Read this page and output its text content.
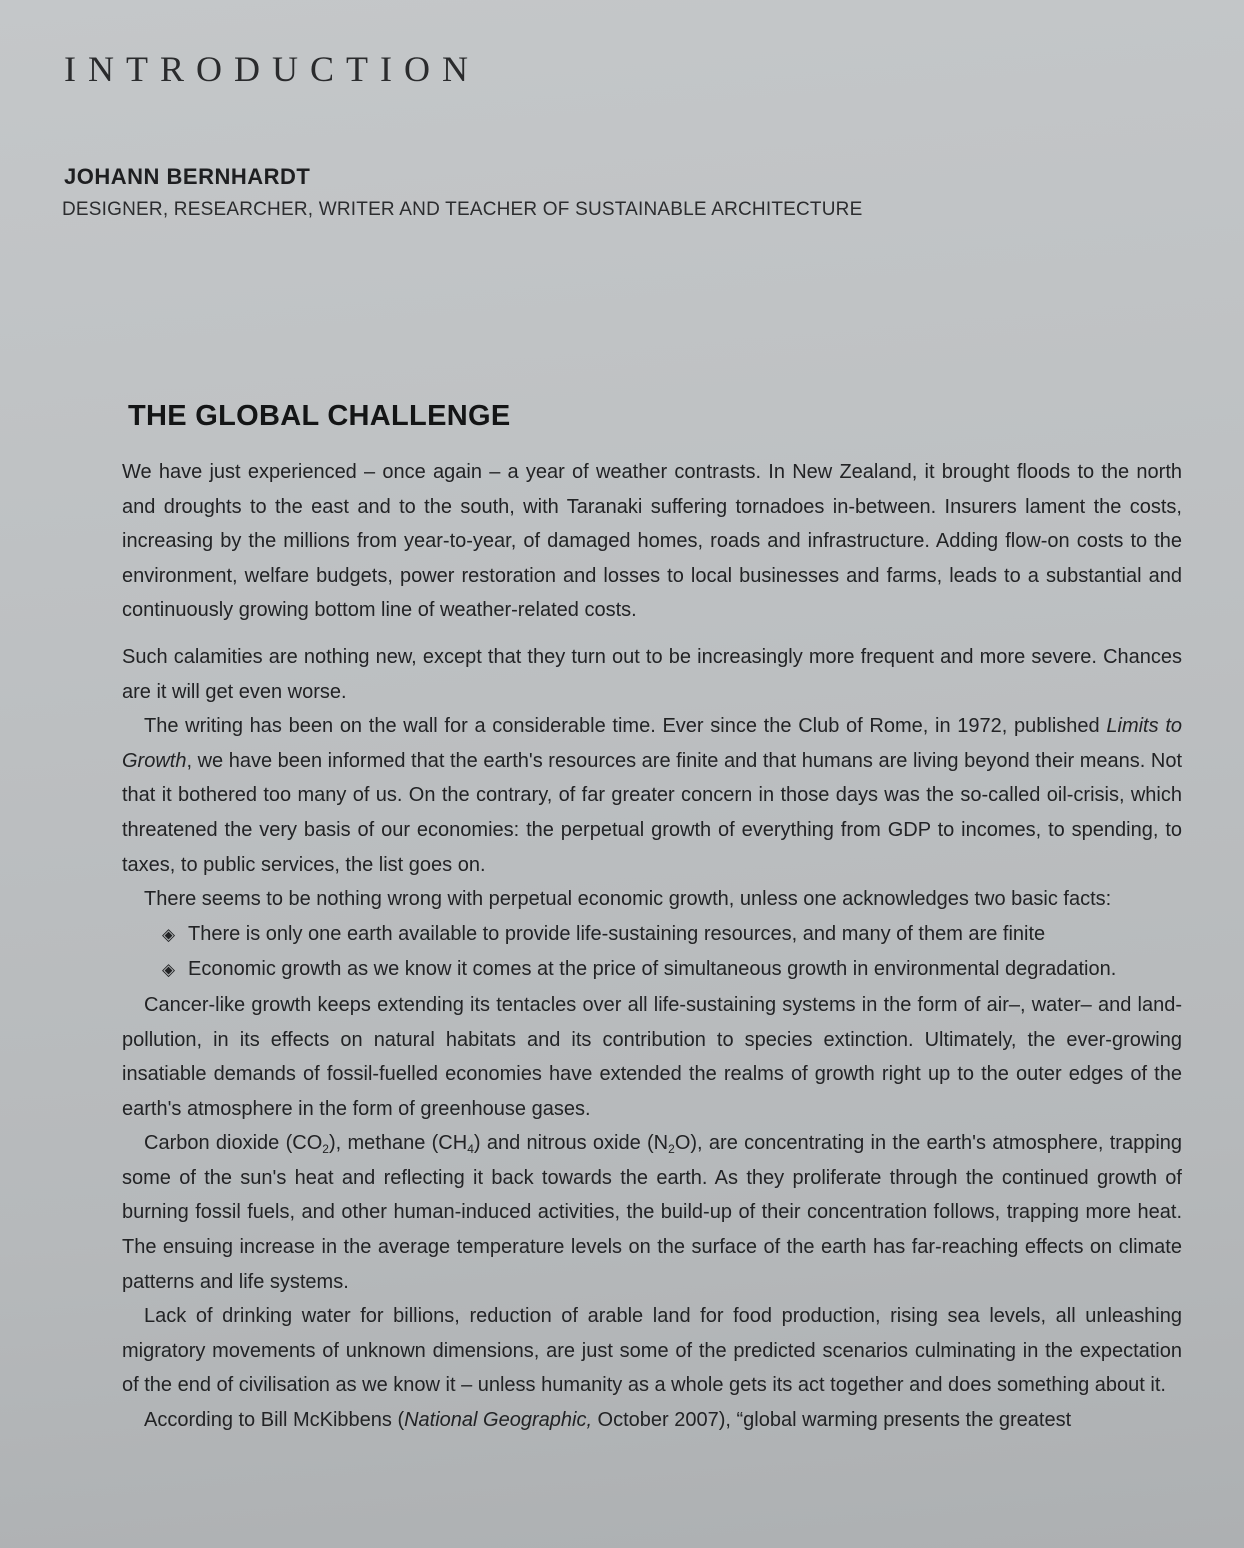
INTRODUCTION
JOHANN BERNHARDT
DESIGNER, RESEARCHER, WRITER AND TEACHER OF SUSTAINABLE ARCHITECTURE
THE GLOBAL CHALLENGE

We have just experienced – once again – a year of weather contrasts. In New Zealand, it brought floods to the north and droughts to the east and to the south, with Taranaki suffering tornadoes in-between. Insurers lament the costs, increasing by the millions from year-to-year, of damaged homes, roads and infrastructure. Adding flow-on costs to the environment, welfare budgets, power restoration and losses to local businesses and farms, leads to a substantial and continuously growing bottom line of weather-related costs.

Such calamities are nothing new, except that they turn out to be increasingly more frequent and more severe. Chances are it will get even worse.

The writing has been on the wall for a considerable time. Ever since the Club of Rome, in 1972, published Limits to Growth, we have been informed that the earth's resources are finite and that humans are living beyond their means. Not that it bothered too many of us. On the contrary, of far greater concern in those days was the so-called oil-crisis, which threatened the very basis of our economies: the perpetual growth of everything from GDP to incomes, to spending, to taxes, to public services, the list goes on.

There seems to be nothing wrong with perpetual economic growth, unless one acknowledges two basic facts:

◈ There is only one earth available to provide life-sustaining resources, and many of them are finite

◈ Economic growth as we know it comes at the price of simultaneous growth in environmental degradation.

Cancer-like growth keeps extending its tentacles over all life-sustaining systems in the form of air–, water– and land-pollution, in its effects on natural habitats and its contribution to species extinction. Ultimately, the ever-growing insatiable demands of fossil-fuelled economies have extended the realms of growth right up to the outer edges of the earth's atmosphere in the form of greenhouse gases.

Carbon dioxide $(CO_2)$, methane $(CH_4)$ and nitrous oxide $(N_2O)$, are concentrating in the earth's atmosphere, trapping some of the sun's heat and reflecting it back towards the earth. As they proliferate through the continued growth of burning fossil fuels, and other human-induced activities, the build-up of their concentration follows, trapping more heat. The ensuing increase in the average temperature levels on the surface of the earth has far-reaching effects on climate patterns and life systems.

Lack of drinking water for billions, reduction of arable land for food production, rising sea levels, all unleashing migratory movements of unknown dimensions, are just some of the predicted scenarios culminating in the expectation of the end of civilisation as we know it – unless humanity as a whole gets its act together and does something about it.

According to Bill McKibbens (National Geographic, October 2007), “global warming presents the greatest
